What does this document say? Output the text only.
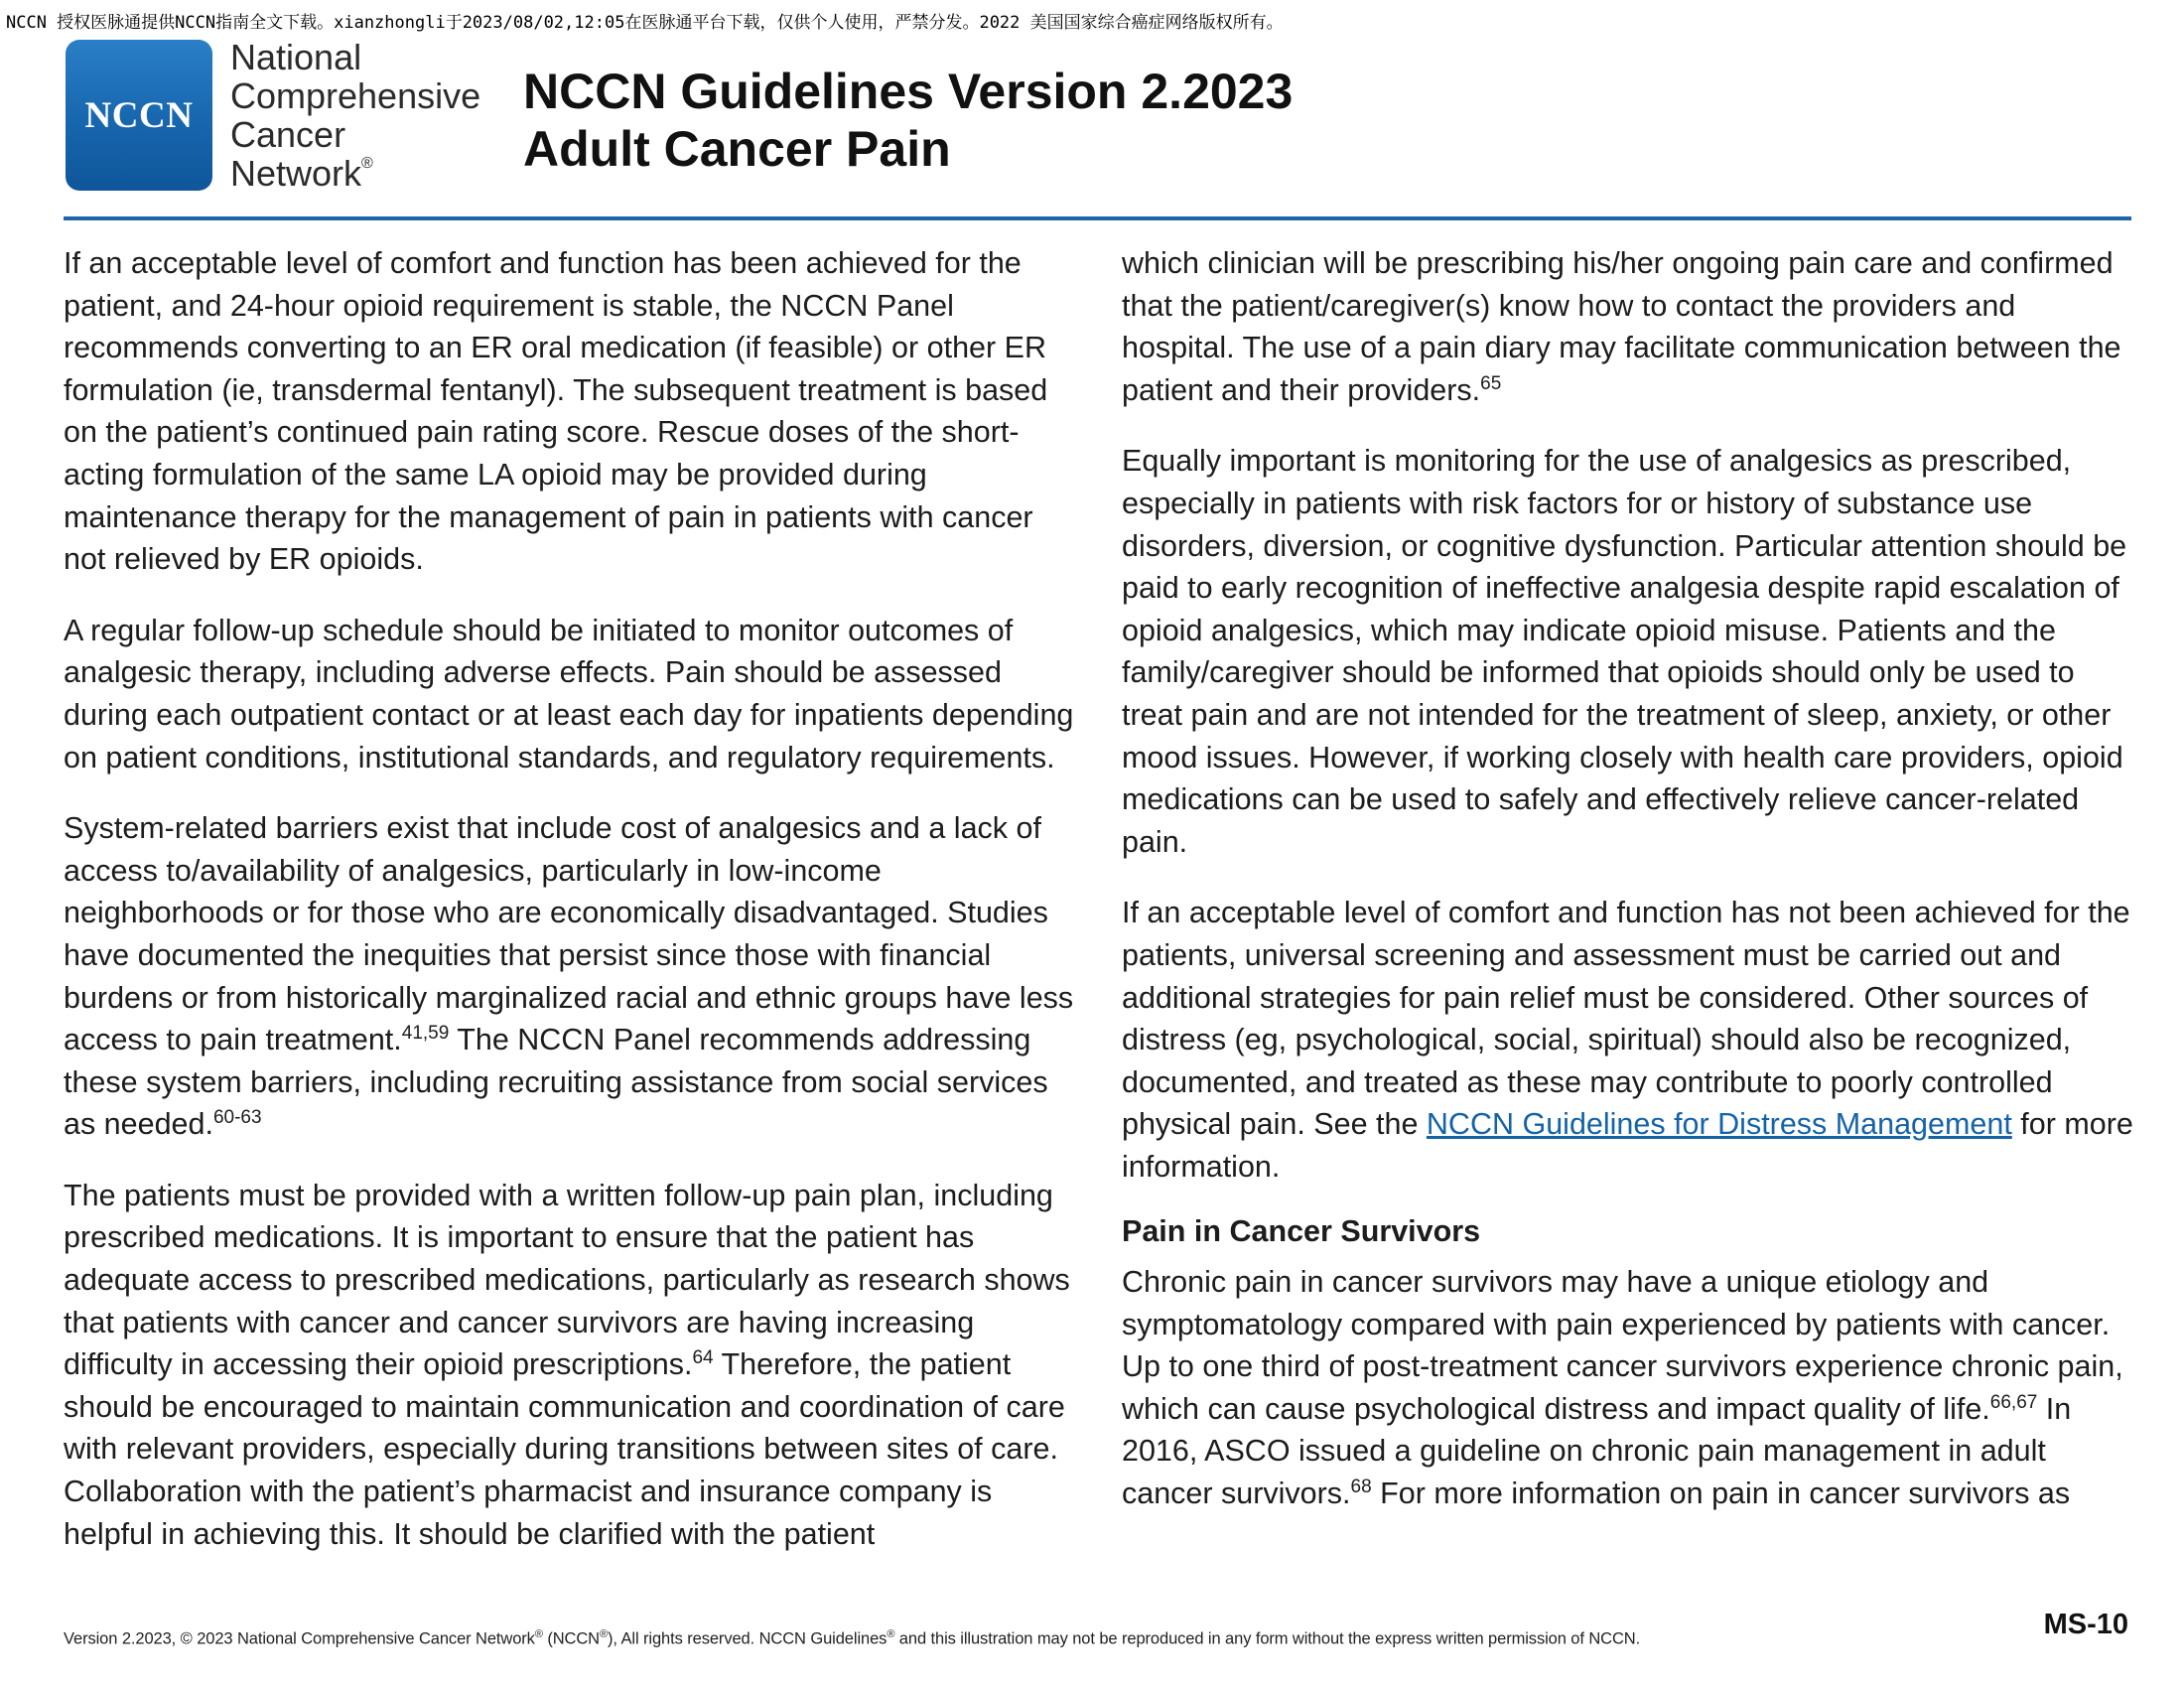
NCCN 授权医脉通提供NCCN指南全文下载。xianzhongli于2023/08/02,12:05在医脉通平台下载，仅供个人使用，严禁分发。2022 美国国家综合癌症网络版权所有。
NCCN
National
Comprehensive
Cancer
Network®
NCCN Guidelines Version 2.2023
Adult Cancer Pain

If an acceptable level of comfort and function has been achieved for the patient, and 24-hour opioid requirement is stable, the NCCN Panel recommends converting to an ER oral medication (if feasible) or other ER formulation (ie, transdermal fentanyl). The subsequent treatment is based on the patient’s continued pain rating score. Rescue doses of the short-acting formulation of the same LA opioid may be provided during maintenance therapy for the management of pain in patients with cancer not relieved by ER opioids.

A regular follow-up schedule should be initiated to monitor outcomes of analgesic therapy, including adverse effects. Pain should be assessed during each outpatient contact or at least each day for inpatients depending on patient conditions, institutional standards, and regulatory requirements.

System-related barriers exist that include cost of analgesics and a lack of access to/availability of analgesics, particularly in low-income neighborhoods or for those who are economically disadvantaged. Studies have documented the inequities that persist since those with financial burdens or from historically marginalized racial and ethnic groups have less access to pain treatment.$^{41,59}$ The NCCN Panel recommends addressing these system barriers, including recruiting assistance from social services as needed.$^{60-63}$

The patients must be provided with a written follow-up pain plan, including prescribed medications. It is important to ensure that the patient has adequate access to prescribed medications, particularly as research shows that patients with cancer and cancer survivors are having increasing difficulty in accessing their opioid prescriptions.$^{64}$ Therefore, the patient should be encouraged to maintain communication and coordination of care with relevant providers, especially during transitions between sites of care. Collaboration with the patient’s pharmacist and insurance company is helpful in achieving this. It should be clarified with the patient

which clinician will be prescribing his/her ongoing pain care and confirmed that the patient/caregiver(s) know how to contact the providers and hospital. The use of a pain diary may facilitate communication between the patient and their providers.$^{65}$

Equally important is monitoring for the use of analgesics as prescribed, especially in patients with risk factors for or history of substance use disorders, diversion, or cognitive dysfunction. Particular attention should be paid to early recognition of ineffective analgesia despite rapid escalation of opioid analgesics, which may indicate opioid misuse. Patients and the family/caregiver should be informed that opioids should only be used to treat pain and are not intended for the treatment of sleep, anxiety, or other mood issues. However, if working closely with health care providers, opioid medications can be used to safely and effectively relieve cancer-related pain.

If an acceptable level of comfort and function has not been achieved for the patients, universal screening and assessment must be carried out and additional strategies for pain relief must be considered. Other sources of distress (eg, psychological, social, spiritual) should also be recognized, documented, and treated as these may contribute to poorly controlled physical pain. See the NCCN Guidelines for Distress Management for more information.

Pain in Cancer Survivors

Chronic pain in cancer survivors may have a unique etiology and symptomatology compared with pain experienced by patients with cancer. Up to one third of post-treatment cancer survivors experience chronic pain, which can cause psychological distress and impact quality of life.$^{66,67}$ In 2016, ASCO issued a guideline on chronic pain management in adult cancer survivors.$^{68}$ For more information on pain in cancer survivors as

Version 2.2023, © 2023 National Comprehensive Cancer Network® (NCCN®), All rights reserved. NCCN Guidelines® and this illustration may not be reproduced in any form without the express written permission of NCCN.	MS-10
